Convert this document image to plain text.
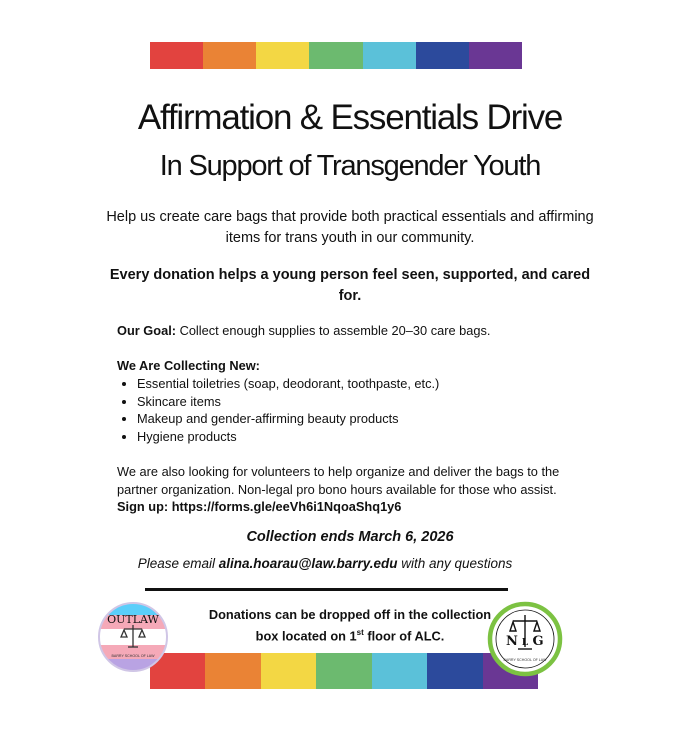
Affirmation & Essentials Drive
In Support of Transgender Youth

Help us create care bags that provide both practical essentials and affirming items for trans youth in our community.

Every donation helps a young person feel seen, supported, and cared for.

Our Goal: Collect enough supplies to assemble 20–30 care bags.

We Are Collecting New:

• Essential toiletries (soap, deodorant, toothpaste, etc.)
• Skincare items
• Makeup and gender-affirming beauty products
• Hygiene products

We are also looking for volunteers to help organize and deliver the bags to the partner organization. Non-legal pro bono hours available for those who assist. Sign up: https://forms.gle/eeVh6i1NqoaShq1y6

Collection ends March 6, 2026

Please email alina.hoarau@law.barry.edu with any questions

Donations can be dropped off in the collection
box located on 1st floor of ALC.

OUTLAW
BARRY SCHOOL OF LAW
N L G
BARRY SCHOOL OF LAW
